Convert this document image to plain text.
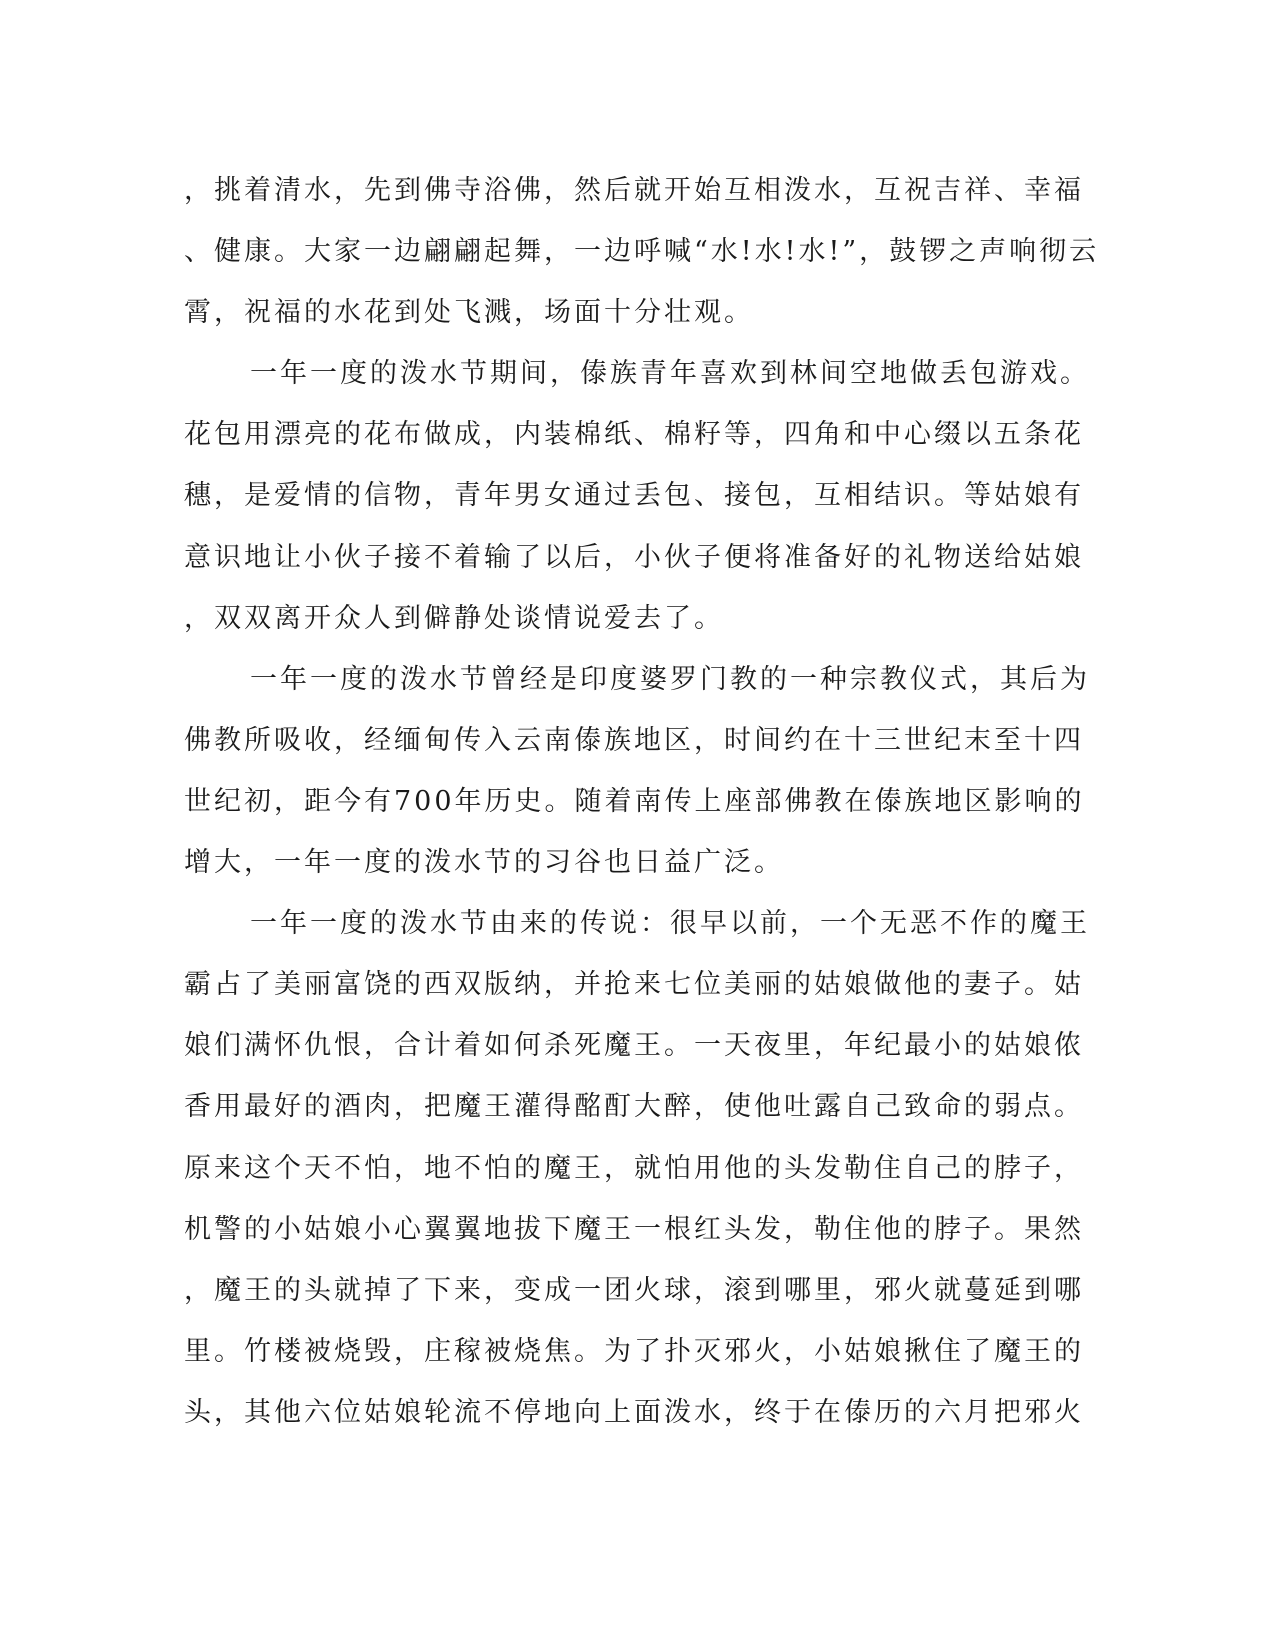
，挑着清水，先到佛寺浴佛，然后就开始互相泼水，互祝吉祥、幸福
、健康。大家一边翩翩起舞，一边呼喊“水!水!水!”，鼓锣之声响彻云
霄，祝福的水花到处飞溅，场面十分壮观。
一年一度的泼水节期间，傣族青年喜欢到林间空地做丢包游戏。
花包用漂亮的花布做成，内装棉纸、棉籽等，四角和中心缀以五条花
穗，是爱情的信物，青年男女通过丢包、接包，互相结识。等姑娘有
意识地让小伙子接不着输了以后，小伙子便将准备好的礼物送给姑娘
，双双离开众人到僻静处谈情说爱去了。
一年一度的泼水节曾经是印度婆罗门教的一种宗教仪式，其后为
佛教所吸收，经缅甸传入云南傣族地区，时间约在十三世纪末至十四
世纪初，距今有700年历史。随着南传上座部佛教在傣族地区影响的
增大，一年一度的泼水节的习谷也日益广泛。
一年一度的泼水节由来的传说：很早以前，一个无恶不作的魔王
霸占了美丽富饶的西双版纳，并抢来七位美丽的姑娘做他的妻子。姑
娘们满怀仇恨，合计着如何杀死魔王。一天夜里，年纪最小的姑娘侬
香用最好的酒肉，把魔王灌得酩酊大醉，使他吐露自己致命的弱点。
原来这个天不怕，地不怕的魔王，就怕用他的头发勒住自己的脖子，
机警的小姑娘小心翼翼地拔下魔王一根红头发，勒住他的脖子。果然
，魔王的头就掉了下来，变成一团火球，滚到哪里，邪火就蔓延到哪
里。竹楼被烧毁，庄稼被烧焦。为了扑灭邪火，小姑娘揪住了魔王的
头，其他六位姑娘轮流不停地向上面泼水，终于在傣历的六月把邪火
